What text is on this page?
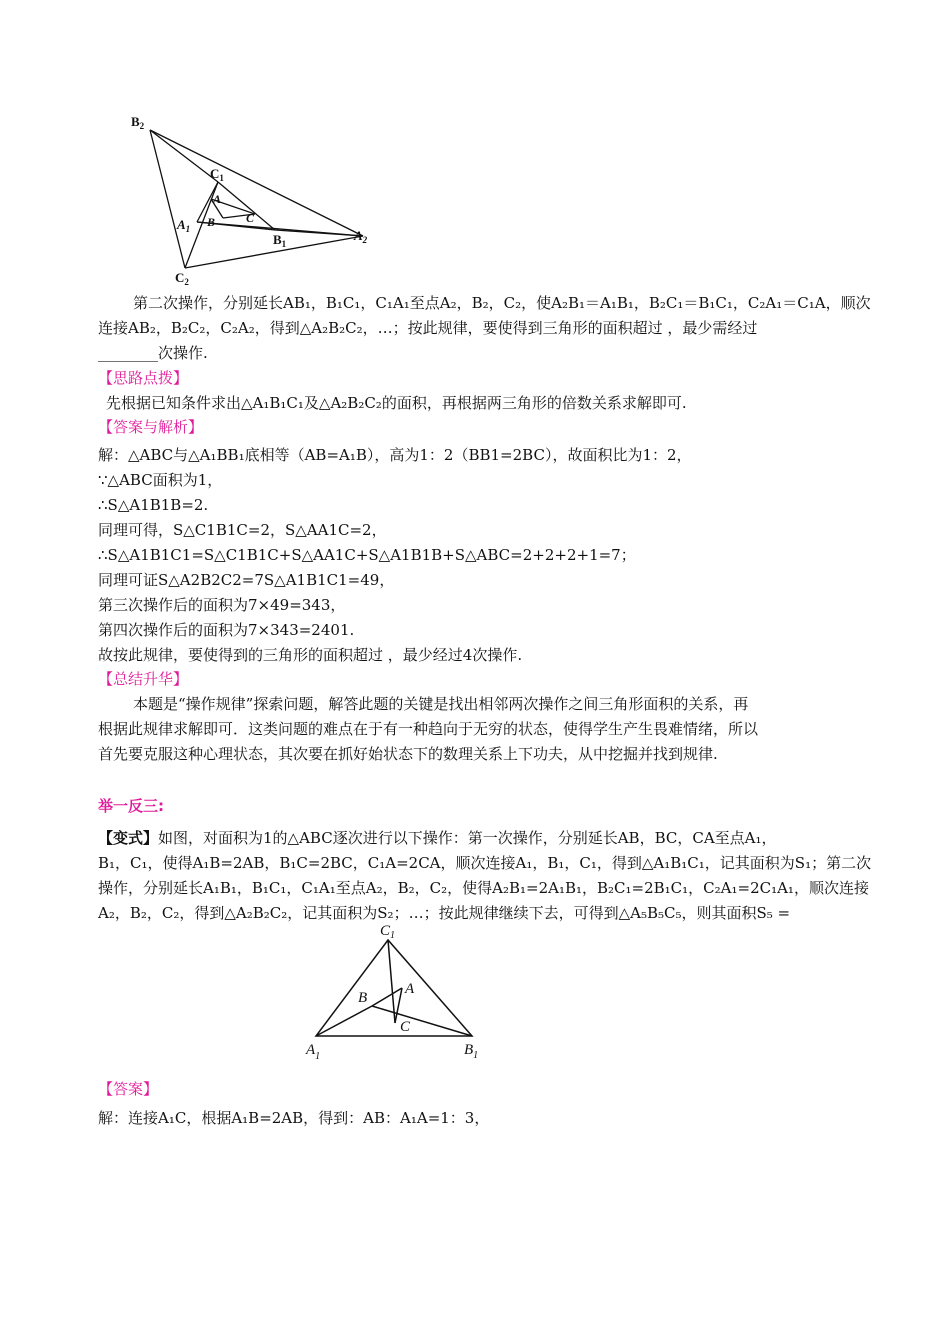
$B_2$
$C_1$
A
$A_1$ B	C
$B_1$
$A_2$
$C_2$
第二次操作，分别延长AB₁，B₁C₁，C₁A₁至点A₂，B₂，C₂，使A₂B₁＝A₁B₁，B₂C₁＝B₁C₁，C₂A₁＝C₁A，顺次
连接AB₂，B₂C₂，C₂A₂，得到△A₂B₂C₂，…；按此规律，要使得到三角形的面积超过 ，最少需经过
________次操作.
【思路点拨】
先根据已知条件求出△A₁B₁C₁及△A₂B₂C₂的面积，再根据两三角形的倍数关系求解即可.
【答案与解析】
解：△ABC与△A₁BB₁底相等（AB=A₁B），高为1：2（BB1=2BC），故面积比为1：2，
∵△ABC面积为1，
∴S△A1B1B=2.
同理可得，S△C1B1C=2，S△AA1C=2，
∴S△A1B1C1=S△C1B1C+S△AA1C+S△A1B1B+S△ABC=2+2+2+1=7；
同理可证S△A2B2C2=7S△A1B1C1=49，
第三次操作后的面积为7×49=343，
第四次操作后的面积为7×343=2401.
故按此规律，要使得到的三角形的面积超过 ，最少经过4次操作.
【总结升华】
本题是“操作规律”探索问题，解答此题的关键是找出相邻两次操作之间三角形面积的关系，再
根据此规律求解即可．这类问题的难点在于有一种趋向于无穷的状态，使得学生产生畏难情绪，所以
首先要克服这种心理状态，其次要在抓好始状态下的数理关系上下功夫，从中挖掘并找到规律.
举一反三:
【变式】如图，对面积为1的△ABC逐次进行以下操作：第一次操作，分别延长AB，BC，CA至点A₁，
B₁，C₁，使得A₁B=2AB，B₁C=2BC，C₁A=2CA，顺次连接A₁，B₁，C₁，得到△A₁B₁C₁，记其面积为S₁；第二次
操作，分别延长A₁B₁，B₁C₁，C₁A₁至点A₂，B₂，C₂，使得A₂B₁=2A₁B₁，B₂C₁=2B₁C₁，C₂A₁=2C₁A₁，顺次连接
A₂，B₂，C₂，得到△A₂B₂C₂，记其面积为S₂；…；按此规律继续下去，可得到△A₅B₅C₅，则其面积S₅ =
$C_1$
B
A
C
$A_1$	$B_1$
【答案】
解：连接A₁C，根据A₁B=2AB，得到：AB：A₁A=1：3，
